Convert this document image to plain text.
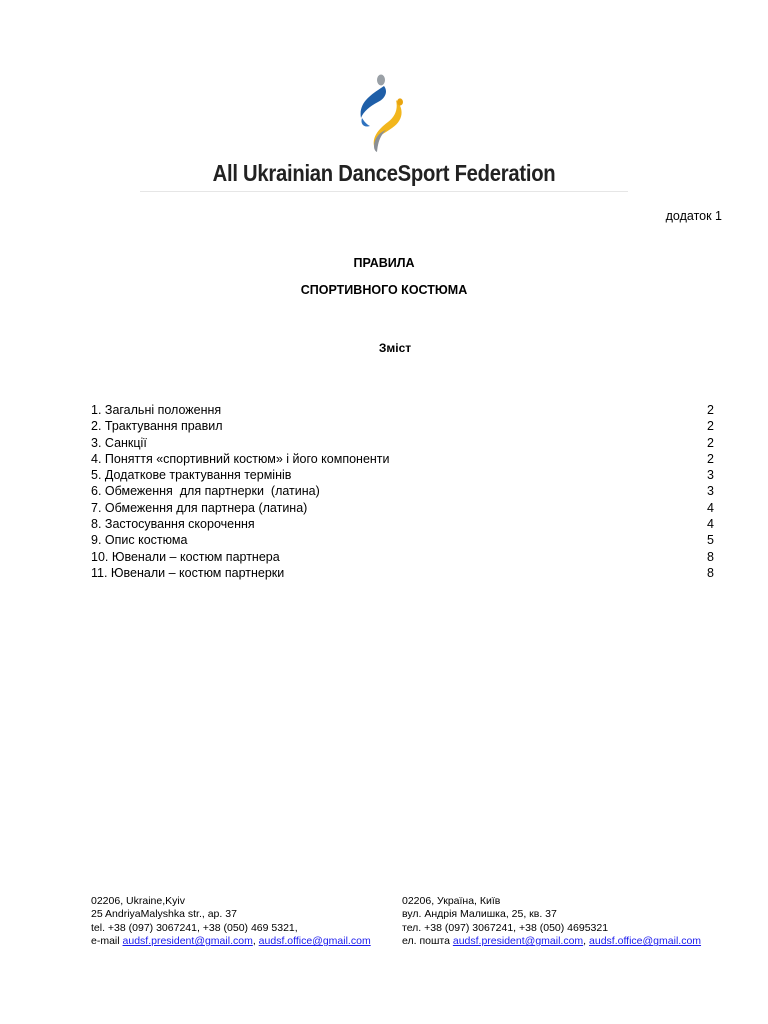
All Ukrainian DanceSport Federation
додаток 1
ПРАВИЛА
СПОРТИВНОГО КОСТЮМА
Зміст
1. Загальні положення	2
2. Трактування правил	2
3. Санкції	2
4. Поняття «спортивний костюм» і його компоненти	2
5. Додаткове трактування термінів	3
6. Обмеження  для партнерки  (латина)	3
7. Обмеження для партнера (латина)	4
8. Застосування скорочення	4
9. Опис костюма	5
10. Ювенали – костюм партнера	8
11. Ювенали – костюм партнерки	8
02206, Ukraine,Kyiv
25 AndriyaMalyshka str., ap. 37
tel. +38 (097) 3067241, +38 (050) 469 5321,
e-mail audsf.president@gmail.com, audsf.office@gmail.com
02206, Україна, Київ
вул. Андрія Малишка, 25, кв. 37
тел. +38 (097) 3067241, +38 (050) 4695321
ел. пошта audsf.president@gmail.com, audsf.office@gmail.com
